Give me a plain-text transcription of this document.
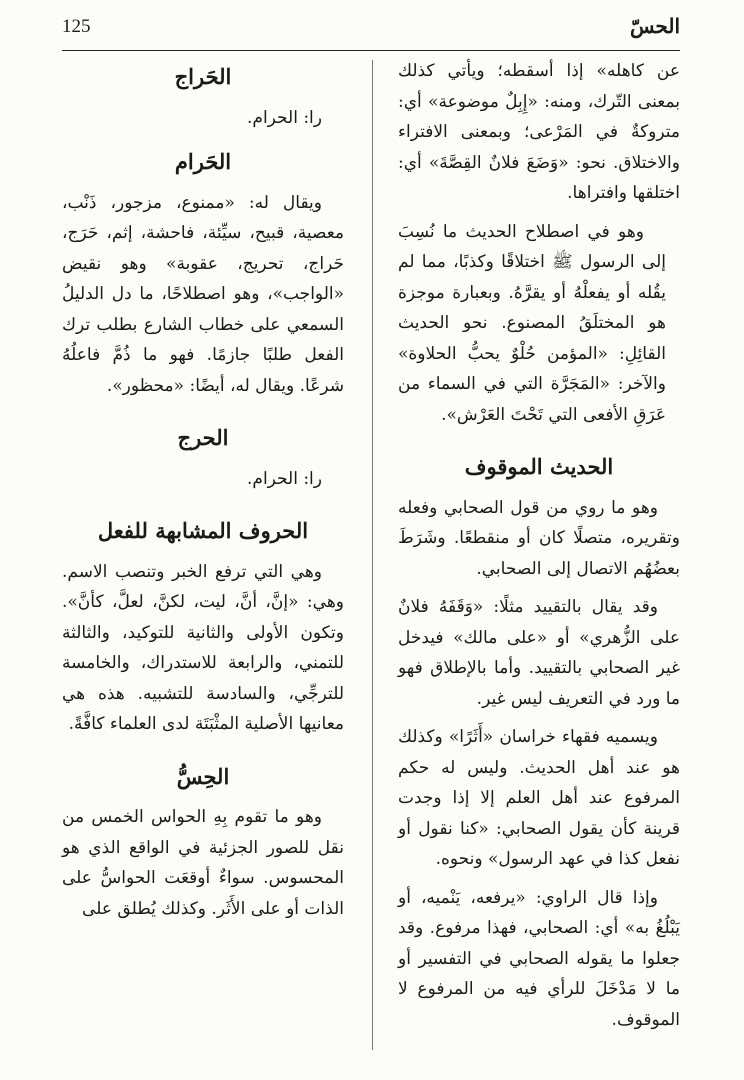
125	الحسّ

عن كاهله» إذا أسقطه؛ ويأتي كذلك بمعنى التّرك، ومنه: «إِبِلٌ موضوعة» أي: متروكةٌ في المَرْعى؛ وبمعنى الافتراء والاختلاق. نحو: «وَضَعَ فلانٌ القِصَّةَ» أي: اختلقها وافتراها.

وهو في اصطلاح الحديث ما نُسِبَ إلى الرسول ﷺ اختلاقًا وكذبًا، مما لم يقُله أو يفعلْهُ أو يقرَّهُ. وبعبارة موجزة هو المختلَقُ المصنوع. نحو الحديث القائِلِ: «المؤمن حُلْوٌ يحبُّ الحلاوة» والآخر: «المَجَرَّة التي في السماء من عَرَقِ الأفعى التي تَحْتَ العَرْش».

الحديث الموقوف

وهو ما روي من قول الصحابي وفعله وتقريره، متصلًا كان أو منقطعًا. وشَرَطَ بعضُهُم الاتصال إلى الصحابي.

وقد يقال بالتقييد مثلًا: «وَقَفَهُ فلانٌ على الزُّهري» أو «على مالك» فيدخل غير الصحابي بالتقييد. وأما بالإطلاق فهو ما ورد في التعريف ليس غير.

ويسميه فقهاء خراسان «أَثَرًا» وكذلك هو عند أهل الحديث. وليس له حكم المرفوع عند أهل العلم إلا إذا وجدت قرينة كأن يقول الصحابي: «كنا نقول أو نفعل كذا في عهد الرسول» ونحوه.

وإذا قال الراوي: «يرفعه، يَنْميه، أو يَبْلُغُ به» أي: الصحابي، فهذا مرفوع. وقد جعلوا ما يقوله الصحابي في التفسير أو ما لا مَدْخَلَ للرأي فيه من المرفوع لا الموقوف.

الحَراج

را: الحرام.

الحَرام

ويقال له: «ممنوع، مزجور، ذَنْب، معصية، قبيح، سيِّئة، فاحشة، إثم، حَرَج، حَراج، تحريج، عقوبة» وهو نقيض «الواجب»، وهو اصطلاحًا، ما دل الدليلُ السمعي على خطاب الشارع بطلب ترك الفعل طلبًا جازمًا. فهو ما ذُمَّ فاعلُهُ شرعًا. ويقال له، أيضًا: «محظور».

الحرج

را: الحرام.

الحروف المشابهة للفعل

وهي التي ترفع الخبر وتنصب الاسم. وهي: «إنَّ، أنَّ، ليت، لكنَّ، لعلَّ، كأنَّ». وتكون الأولى والثانية للتوكيد، والثالثة للتمني، والرابعة للاستدراك، والخامسة للترجِّي، والسادسة للتشبيه. هذه هي معانيها الأصلية المثْبَتَة لدى العلماء كافَّةً.

الحِسُّ

وهو ما تقوم بِهِ الحواس الخمس من نقل للصور الجزئية في الواقع الذي هو المحسوس. سواءٌ أوقعَت الحواسُّ على الذات أو على الأَثَر. وكذلك يُطلق على
